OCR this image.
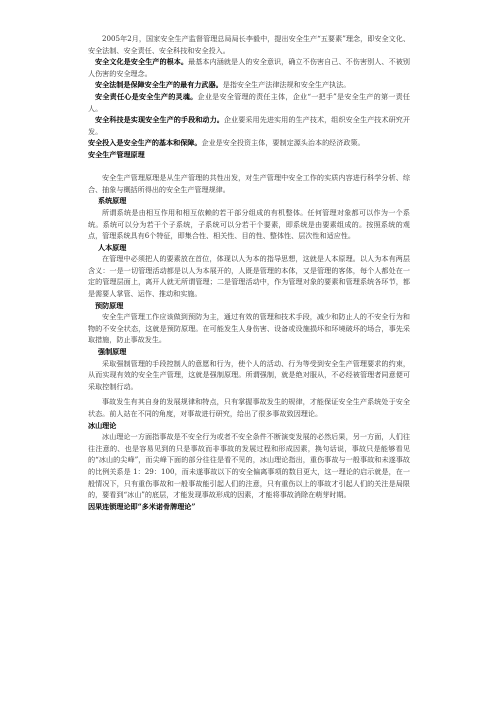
2005年2月，国家安全生产监督管理总局局长李毅中，提出安全生产“五要素”理念，即安全文化、安全法制、安全责任、安全科技和安全投入。

安全文化是安全生产的根本。最基本内涵就是人的安全意识，确立不伤害自己、不伤害别人、不被别人伤害的安全理念。

安全法制是保障安全生产的最有力武器。是指安全生产法律法规和安全生产执法。

安全责任心是安全生产的灵魂。企业是安全管理的责任主体，企业“一把手”是安全生产的第一责任人。

安全科技是实现安全生产的手段和动力。企业要采用先进实用的生产技术，组织安全生产技术研究开发。

安全投入是安全生产的基本和保障。企业是安全投资主体，要制定源头治本的经济政策。

安全生产管理原理

安全生产管理原理是从生产管理的共性出发，对生产管理中安全工作的实质内容进行科学分析、综合、抽象与概括所得出的安全生产管理规律。

系统原理

所谓系统是由相互作用和相互依赖的若干部分组成的有机整体。任何管理对象都可以作为一个系统。系统可以分为若干个子系统，子系统可以分若干个要素，即系统是由要素组成的。按照系统的观点，管理系统具有6个特征，即集合性、相关性、目的性、整体性、层次性和适应性。

人本原理

在管理中必须把人的要素放在首位，体现以人为本的指导思想，这就是人本原理。以人为本有两层含义：一是一切管理活动都是以人为本展开的，人既是管理的本体，又是管理的客体，每个人都处在一定的管理层面上，离开人就无所谓管理；二是管理活动中，作为管理对象的要素和管理系统各环节，都是需要人掌管、运作、推动和实施。

预防原理

安全生产管理工作应该做到预防为主，通过有效的管理和技术手段，减少和防止人的不安全行为和物的不安全状态，这就是预防原理。在可能发生人身伤害、设备或设施损坏和环境破坏的场合，事先采取措施，防止事故发生。

强制原理

采取强制管理的手段控制人的意愿和行为，使个人的活动、行为等受到安全生产管理要求的约束，从而实现有效的安全生产管理，这就是强制原理。所谓强制，就是绝对服从，不必经被管理者同意便可采取控制行动。

事故发生有其自身的发展规律和特点，只有掌握事故发生的规律，才能保证安全生产系统处于安全状态。前人站在不同的角度，对事故进行研究，给出了很多事故致因理论。

冰山理论

冰山理论一方面指事故是不安全行为或者不安全条件不断演变发展的必然后果，另一方面，人们往往注意的、也是容易见到的只是事故而非事故的发展过程和形成因素，换句话说，事故只是能够看见的“冰山的尖峰”，而尖峰下面的部分往往是看不见的，冰山理论指出，重伤事故与一般事故和未遂事故的比例关系是 1：29：100，而未遂事故以下的安全偏离事项的数目更大，这一理论的启示就是，在一般情况下，只有重伤事故和一般事故能引起人们的注意，只有重伤以上的事故才引起人们的关注是局限的，要看到“冰山”的底层，才能发现事故形成的因素，才能将事故消除在萌芽时期。

因果连锁理论即“多米诺骨牌理论”
